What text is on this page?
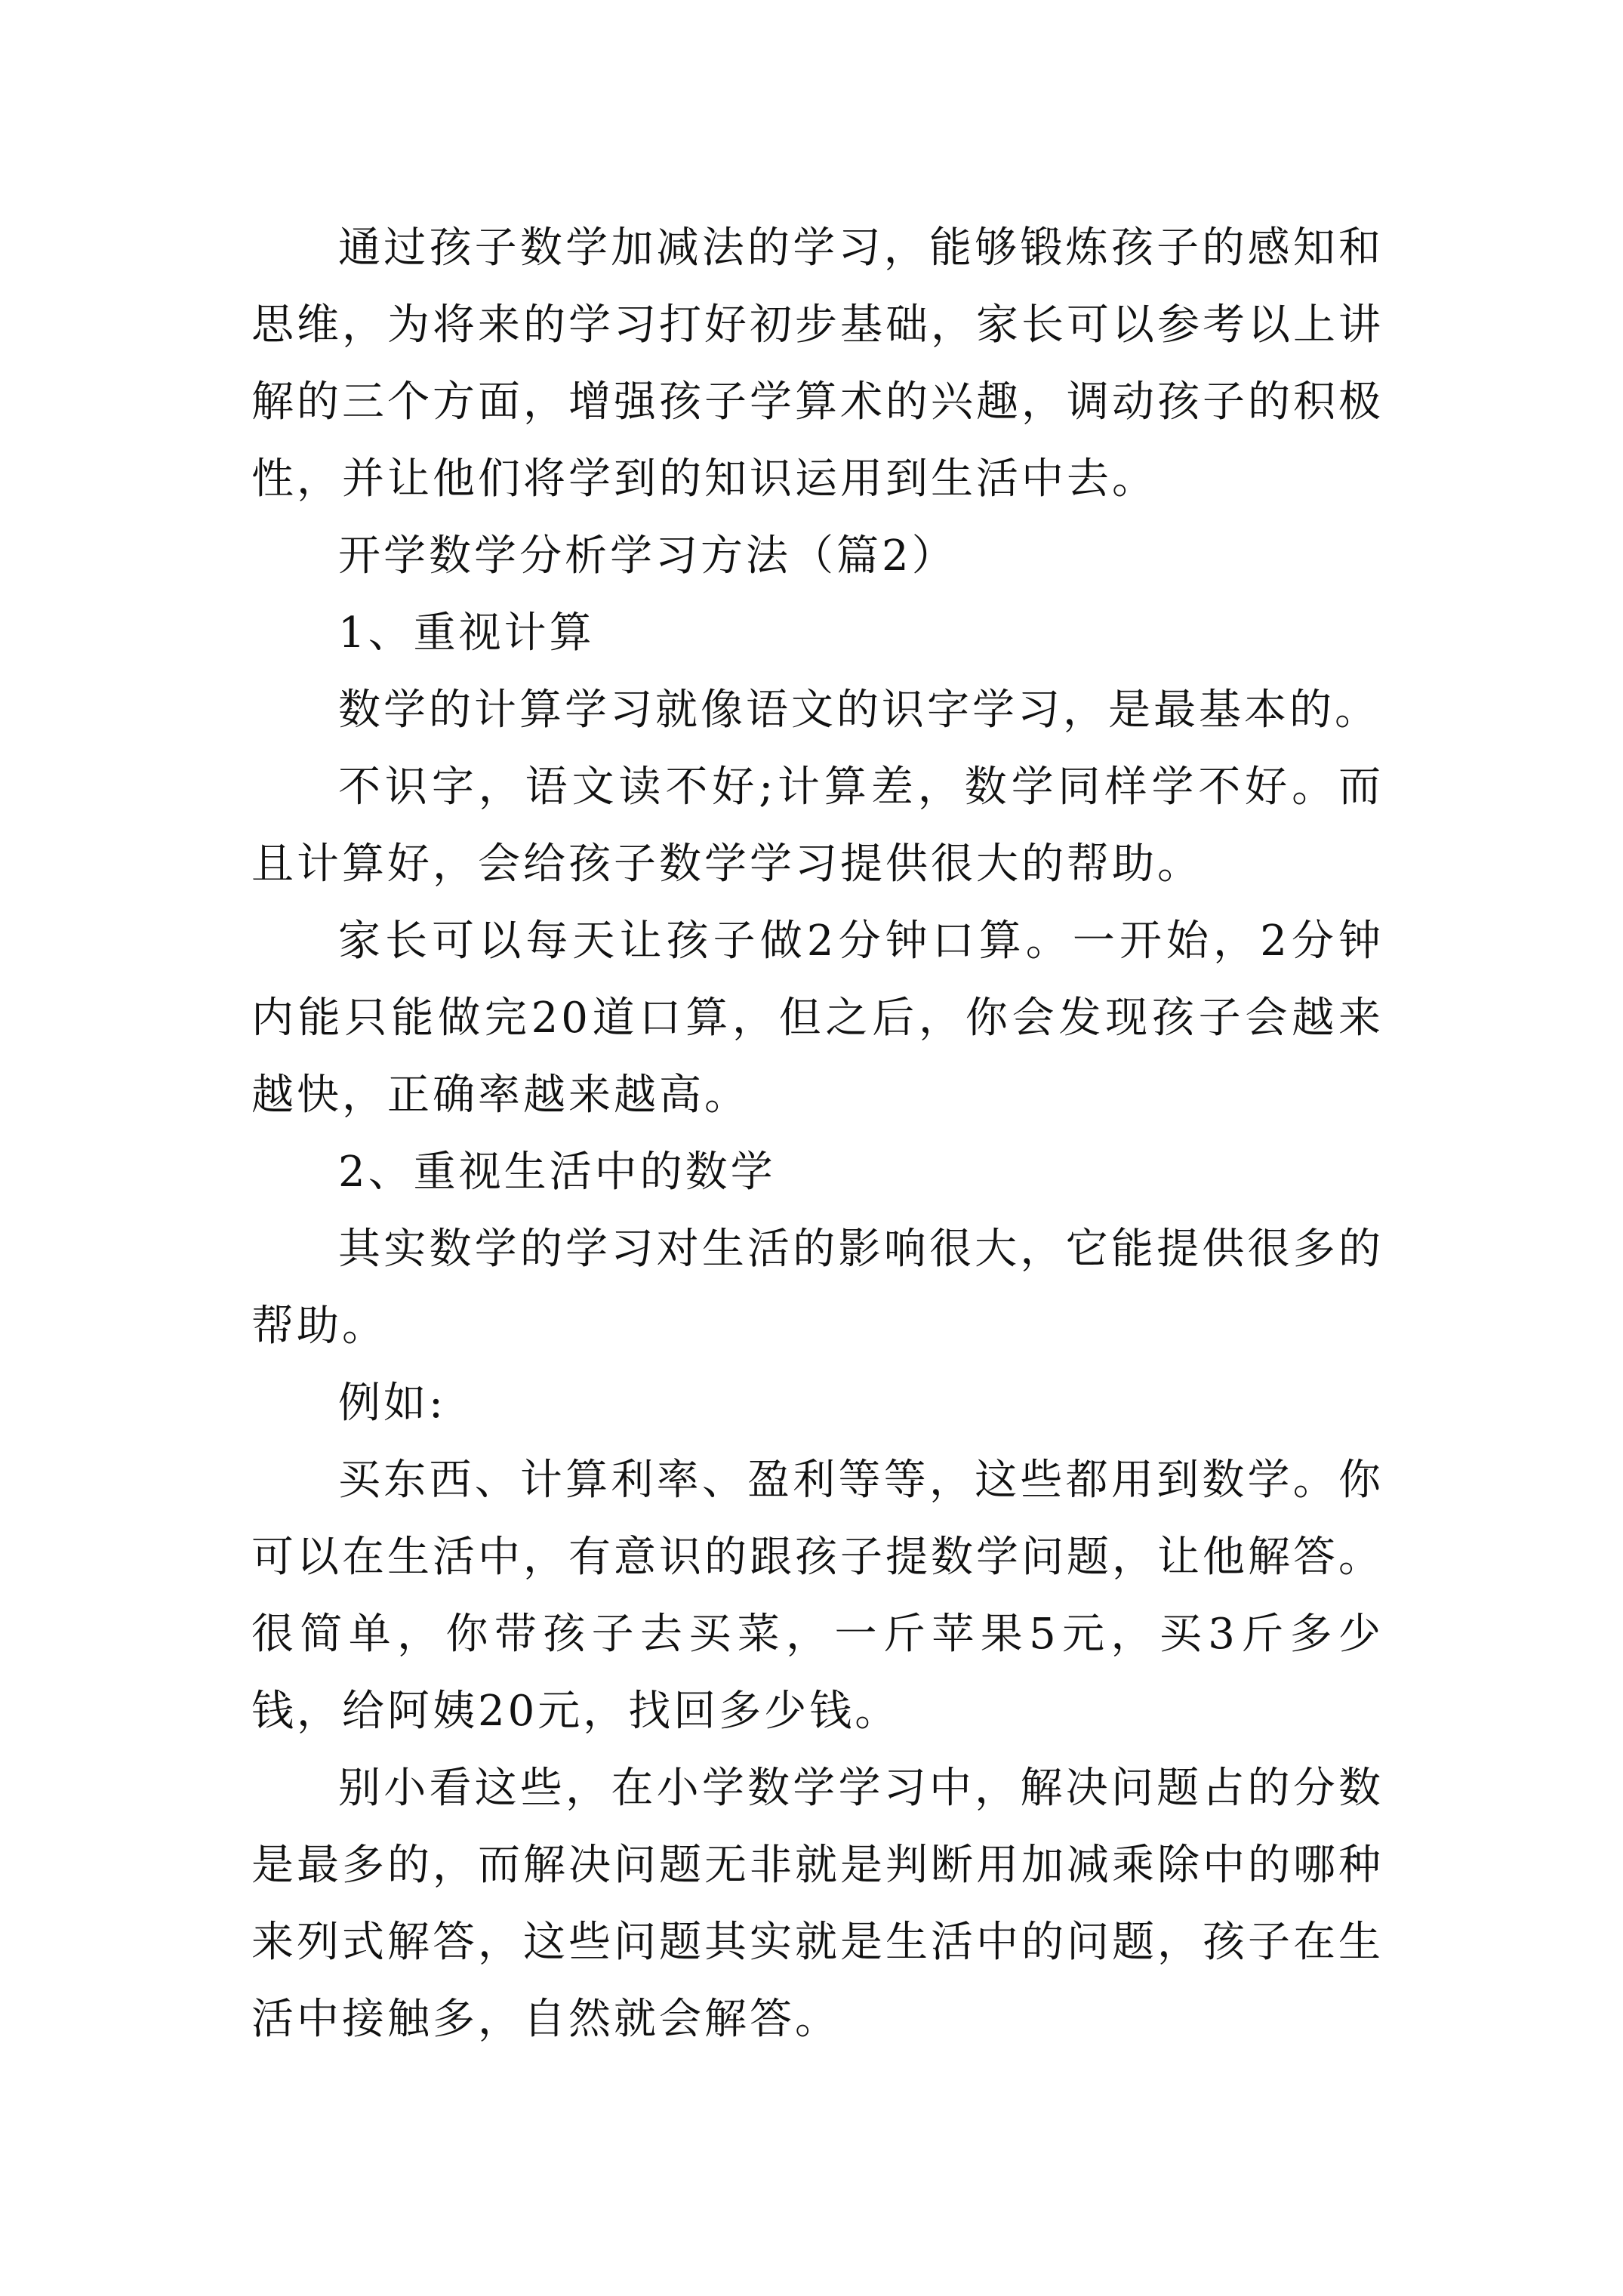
通过孩子数学加减法的学习，能够锻炼孩子的感知和思维，为将来的学习打好初步基础，家长可以参考以上讲解的三个方面，增强孩子学算术的兴趣，调动孩子的积极性，并让他们将学到的知识运用到生活中去。

开学数学分析学习方法（篇2）

1、重视计算

数学的计算学习就像语文的识字学习，是最基本的。

不识字，语文读不好;计算差，数学同样学不好。而且计算好，会给孩子数学学习提供很大的帮助。

家长可以每天让孩子做2分钟口算。一开始，2分钟内能只能做完20道口算，但之后，你会发现孩子会越来越快，正确率越来越高。

2、重视生活中的数学

其实数学的学习对生活的影响很大，它能提供很多的帮助。

例如:

买东西、计算利率、盈利等等，这些都用到数学。你可以在生活中，有意识的跟孩子提数学问题，让他解答。很简单，你带孩子去买菜，一斤苹果5元，买3斤多少钱，给阿姨20元，找回多少钱。

别小看这些，在小学数学学习中，解决问题占的分数是最多的，而解决问题无非就是判断用加减乘除中的哪种来列式解答，这些问题其实就是生活中的问题，孩子在生活中接触多，自然就会解答。
